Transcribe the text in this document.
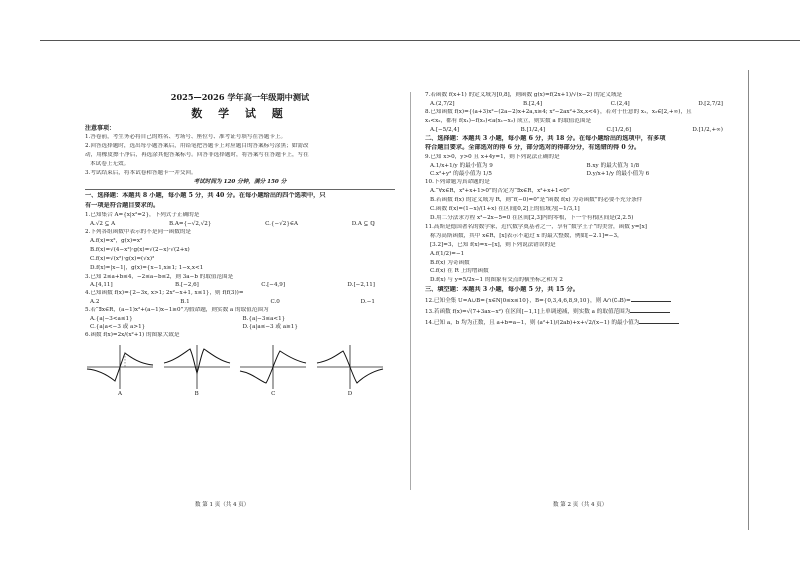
2025—2026 学年高一年级期中测试
数 学 试 题
注意事项：
1.答卷前，考生务必将自己的姓名、考场号、座位号、准考证号填写在答题卡上。
2.回答选择题时，选出每小题答案后，用铅笔把答题卡上对应题目的答案标号涂黑；如需改
动，用橡皮擦干净后，再选涂其他答案标号。回答非选择题时，将答案写在答题卡上，写在
本试卷上无效。
3.考试结束后，将本试卷和答题卡一并交回。
考试时间为 120 分钟，满分 150 分
一、选择题：本题共 8 小题，每小题 5 分，共 40 分。在每小题给出的四个选项中，只
有一项是符合题目要求的。
1.已知集合 A={x|x²=2}，下列式子正确的是
A.√2 ⊆ A	B.A={−√2,√2}	C.{−√2}∈A	D.A ⊆ ℚ
2.下列各组函数中表示的不是同一函数的是
A.f(x)=x²，g(x)=x²
B.f(x)=√(4−x²)·g(x)=√(2−x)·√(2+x)
C.f(x)=√(x²)·g(x)=(√x)²
D.f(x)=|x−1|，g(x)={x−1,x≥1; 1−x,x<1
3.已知 2≤a+b≤4，−2≤a−b≤2，则 3a−b 的取值范围是
A.[4,11]	B.[−2,6]	C.[−4,9]	D.[−2,11]
4.已知函数 f(x)={2−3x, x>1; 2x²−x+1, x≤1}，则 f(f(3))=
A.2	B.1	C.0	D.−1
5.若“∃x∈R，(a−1)x²+(a−1)x−1≥0”为假命题，则实数 a 的取值范围为
A.{a|−3<a≤1}	B.{a|−3≤a<1}
C.{a|a<−3 或 a>1}	D.{a|a≤−3 或 a≥1}
6.函数 f(x)=2x/(x²+1) 的图象大致是
A	B	C	D
7.若函数 f(x+1) 的定义域为[0,8]，则函数 g(x)=f(2x+1)/√(x−2) 的定义域是
A.(2,7/2]	B.[2,4]	C.(2,4]	D.[2,7/2]
8.已知函数 f(x)={(a+3)x²−(2a−2)x+2a,x≥4; x²−2ax²+3x,x<4}，若对于任意的 x₁，x₂∈[2,+∞)，且
x₁<x₂，都有 f(x₁)−f(x₂)<a(x₁−x₂) 成立，则实数 a 的取值范围是
A.[−5/2,4]	B.[1/2,4]	C.[1/2,6]	D.[1/2,+∞)
二、选择题：本题共 3 小题，每小题 6 分，共 18 分。在每小题给出的选项中，有多项
符合题目要求。全部选对的得 6 分，部分选对的得部分分，有选错的得 0 分。
9.已知 x>0，y>0 且 x+4y=1，则下列说法正确的是
A.1/x+1/y 的最小值为 9	B.xy 的最大值为 1/8
C.x²+y² 的最小值为 1/5	D.y/x+1/y 的最小值为 6
10.下列命题为真命题的是
A.“∀x∈R，x²+x+1>0”的否定为“∃x∈R，x²+x+1<0”
B.若函数 f(x) 的定义域为 R，则“f(−0)=0”是“函数 f(x) 为奇函数”的必要不充分条件
C.函数 f(x)=(1−x)/(1+x) 在区间[0,2]上的值域为[−1/3,1]
D.用二分法求方程 x³−2x−5=0 在区间[2,3]内的零根，下一个有根区间是(2,2.5)
11.高斯是德国著名的数学家，近代数学奠基者之一，享有“数学王子”的美誉，函数 y=[x]
称为高斯函数，其中 x∈R，[x]表示不超过 x 的最大整数，例如[−2.1]=−3，
[3.2]=3，已知 f(x)=x−[x]，则下列说法错误的是
A.f(1/2)=−1
B.f(x) 为奇函数
C.f(x) 在 R 上的增函数
D.f(x) 与 y=5/2x−1 的图象有交点的横坐标之和为 2
三、填空题：本题共 3 小题，每小题 5 分，共 15 分。
12.已知全集 U=A∪B={x∈N|0≤x≤10}，B={0,3,4,6,8,9,10}，则 A∩(∁ᵤB)=
13.若函数 f(x)=√(7+3ax−x²) 在区间[−1,1]上单调递减，则实数 a 的取值范围为
14.已知 a，b 均为正数，且 a+b=a−1，则 (a²+1)/(2ab)+x+√2/(x−1) 的最小值为
数 第 1 页（共 4 页）	数 第 2 页（共 4 页）
